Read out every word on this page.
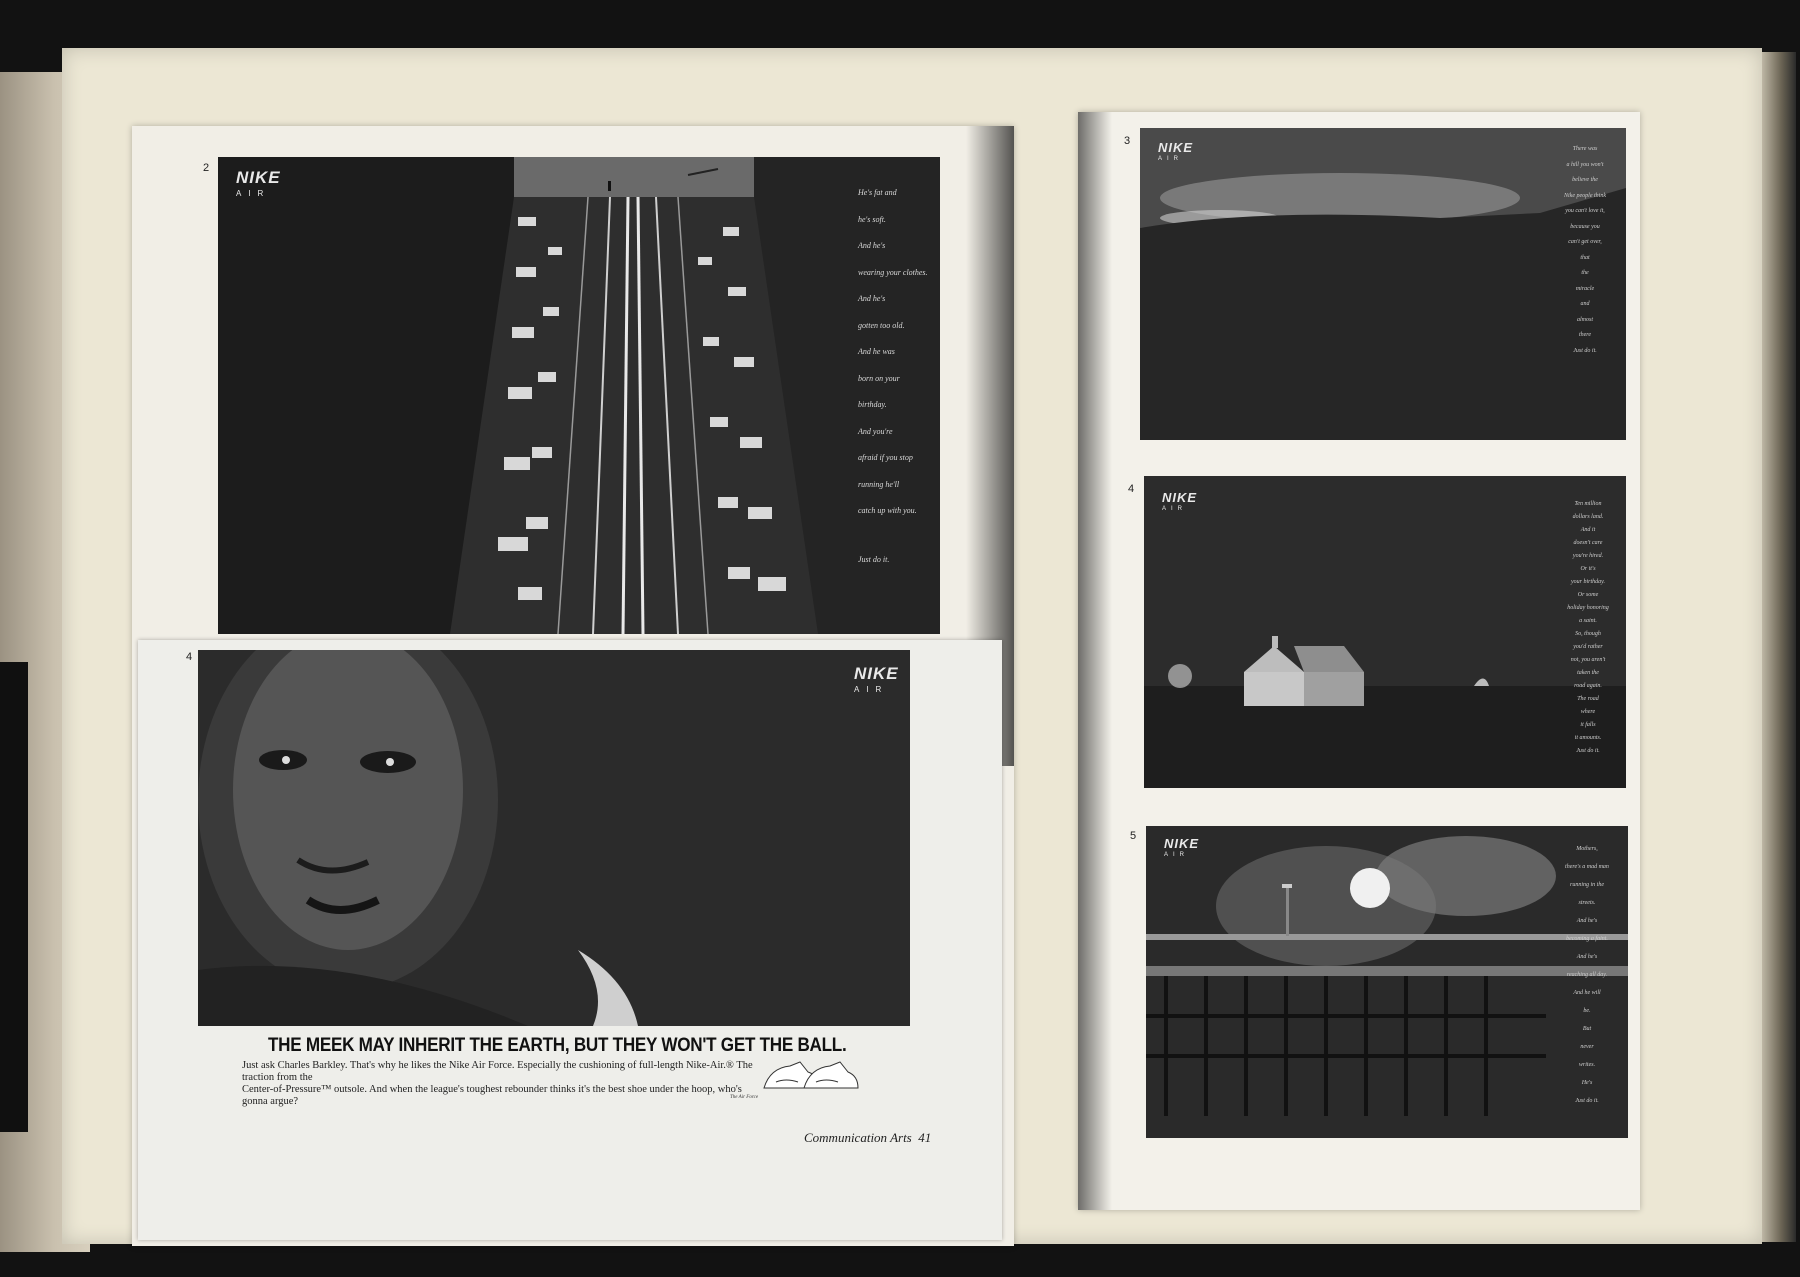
2 NIKE
AIR	He's fat and
he's soft.
And he's
wearing your clothes.
And he's
gotten too old.
And he was
born on your
birthday.
And you're
afraid if you stop
running he'll
catch up with you.
Just do it.
4
NIKE
AIR
THE MEEK MAY INHERIT THE EARTH, BUT THEY WON'T GET THE BALL.
Just ask Charles Barkley. That's why he likes the Nike Air Force. Especially the cushioning of full-length Nike-Air.® The traction from the
Center-of-Pressure™ outsole. And when the league's toughest rebounder thinks it's the best shoe under the hoop, who's gonna argue?	The Air Force
Communication Arts 41
3 NIKE
AIR
There was
a hill you won't
believe the
Nike people think
you can't love it,
because you
can't get over,
that
the
miracle
and
almost
there
Just do it.
4
NIKE
AIR
Ten million
dollars land.
And it
doesn't care
you're hired.
Or it's
your birthday.
Or some
holiday honoring
a saint.
So, though
you'd rather
not, you aren't
taken the
road again.
The road
where
it falls
it amounts.
Just do it.
5 NIKE
AIR
Mothers,
there's a mad man
running in the
streets.
And he's
becoming a faint.
And he's
reaching all day.
And he will
be.
But
never
writes.
He's
Just do it.
